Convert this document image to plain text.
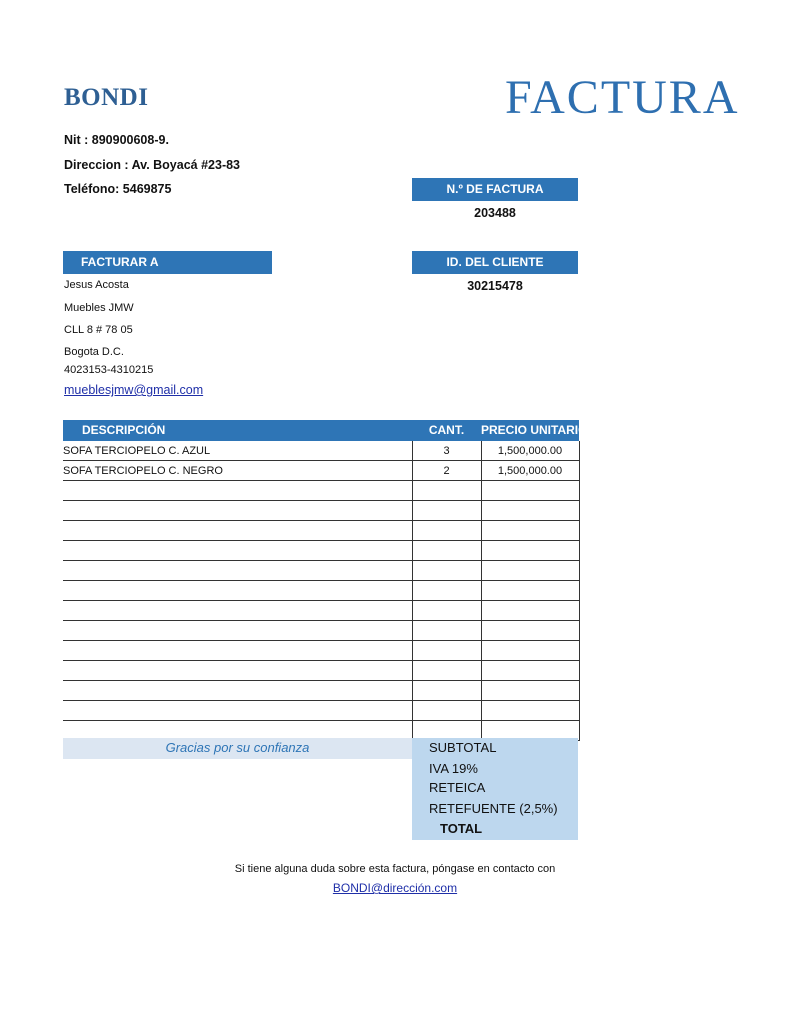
BONDI	FACTURA
Nit : 890900608-9.
Direccion : Av. Boyacá #23-83
Teléfono: 5469875	N.º DE FACTURA
203488
FACTURAR A	ID. DEL CLIENTE
30215478
Jesus Acosta
Muebles JMW
CLL 8 # 78 05
Bogota D.C.
4023153-4310215
mueblesjmw@gmail.com
DESCRIPCIÓN	CANT.	PRECIO UNITARIO
SOFA TERCIOPELO C. AZUL	3	1,500,000.00
SOFA TERCIOPELO C. NEGRO	2	1,500,000.00

Gracias por su confianza	SUBTOTAL
IVA 19%
RETEICA
RETEFUENTE (2,5%)
TOTAL
Si tiene alguna duda sobre esta factura, póngase en contacto con
BONDI@dirección.com
